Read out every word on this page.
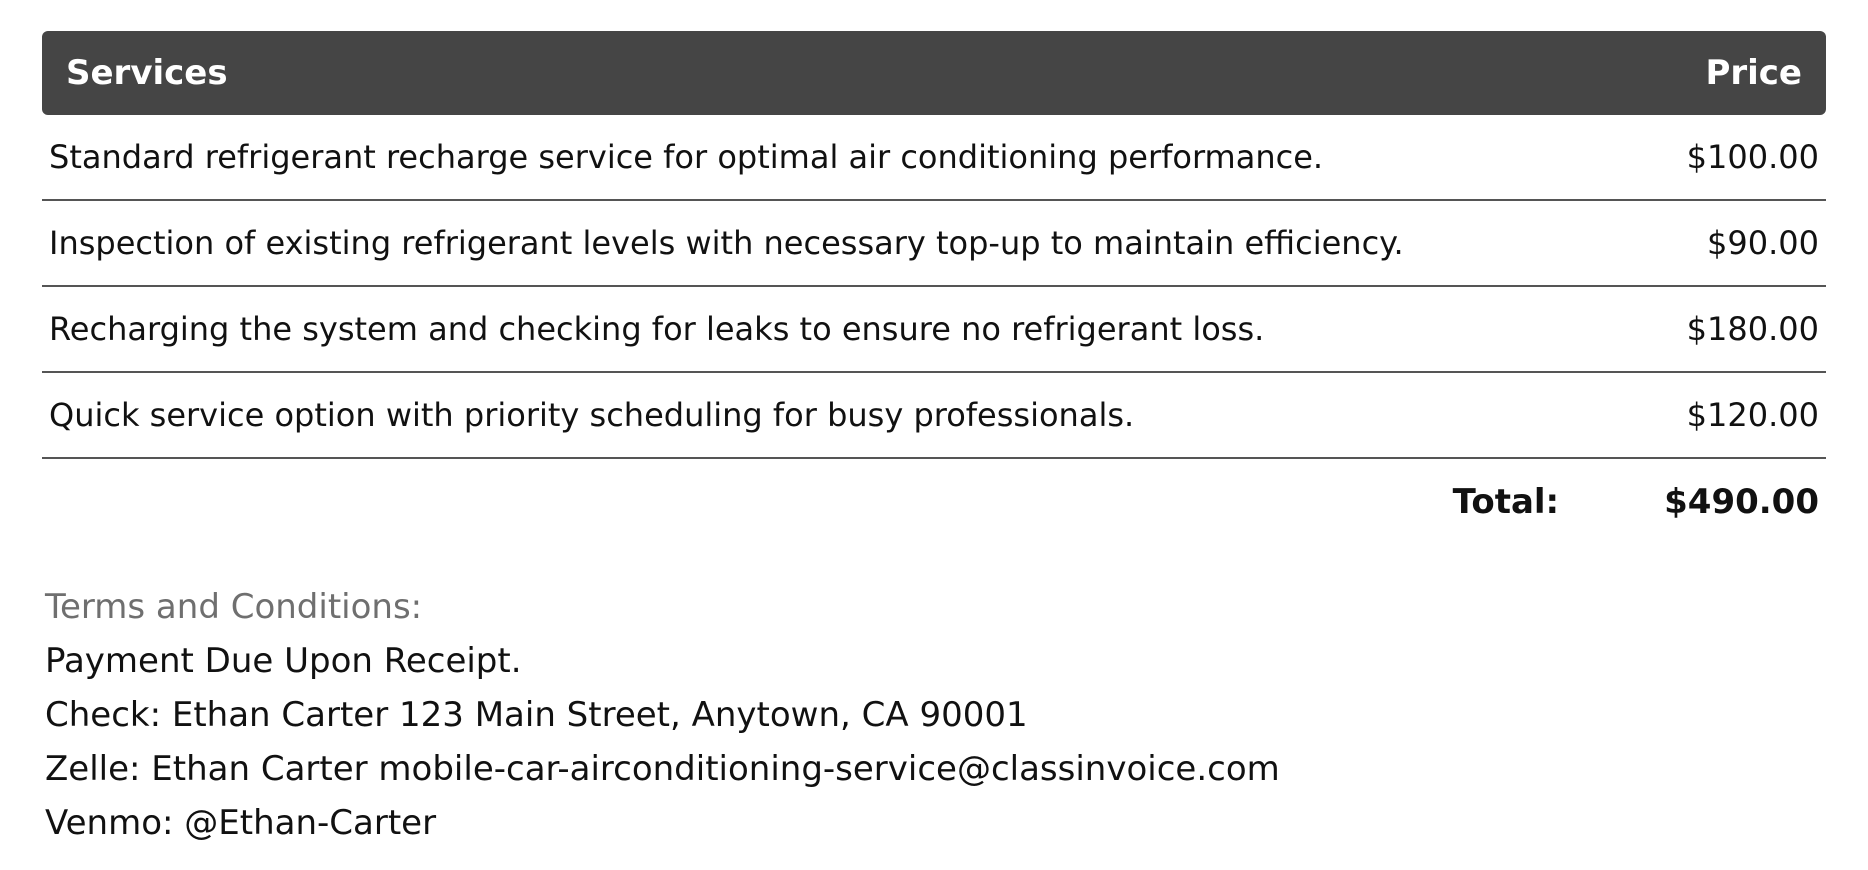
Services	Price
Standard refrigerant recharge service for optimal air conditioning performance.	$100.00
Inspection of existing refrigerant levels with necessary top-up to maintain efficiency.	$90.00
Recharging the system and checking for leaks to ensure no refrigerant loss.	$180.00
Quick service option with priority scheduling for busy professionals.	$120.00
Total:	$490.00
Terms and Conditions:
Payment Due Upon Receipt.
Check: Ethan Carter 123 Main Street, Anytown, CA 90001
Zelle: Ethan Carter mobile-car-airconditioning-service@classinvoice.com
Venmo: @Ethan-Carter
